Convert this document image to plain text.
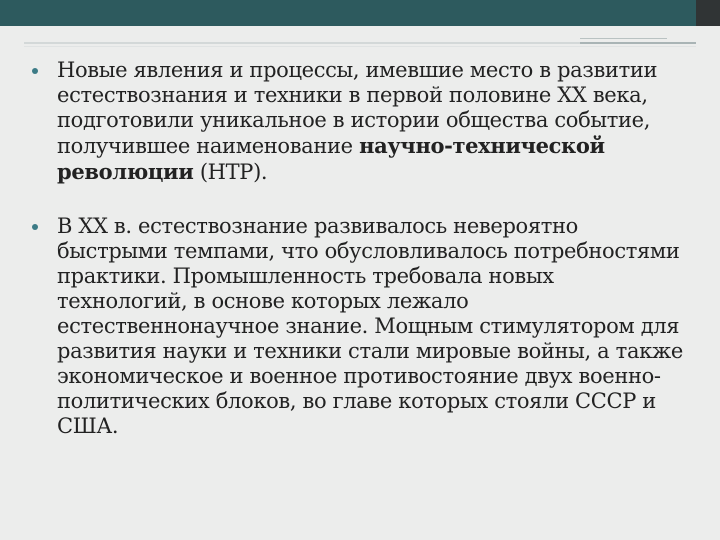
Новые явления и процессы, имевшие место в развитии естествознания и техники в первой половине XX века, подготовили уникальное в истории общества событие, получившее наименование научно-технической революции (НТР).
В XX в. естествознание развивалось невероятно быстрыми темпами, что обусловливалось потребностями практики. Промышленность требовала новых технологий, в основе которых лежало естественнонаучное знание. Мощным стимулятором для развития науки и техники стали мировые войны, а также экономическое и военное противостояние двух военно-политических блоков, во главе которых стояли СССР и США.
